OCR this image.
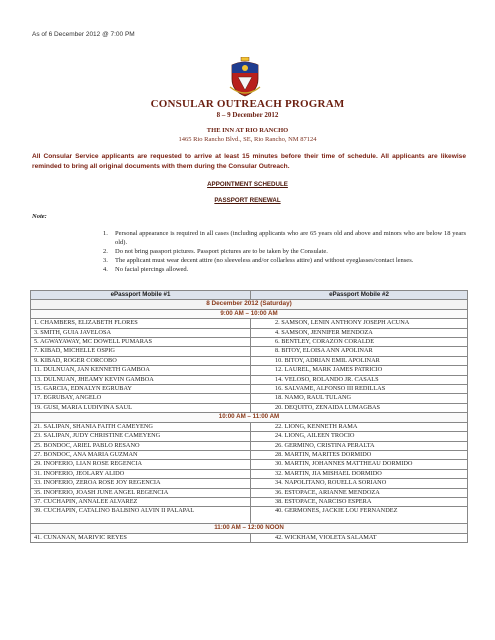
As of 6 December 2012 @ 7:00 PM
CONSULAR OUTREACH PROGRAM
8 – 9 December 2012
THE INN AT RIO RANCHO
1465 Rio Rancho Blvd., SE, Rio Rancho, NM 87124
All Consular Service applicants are requested to arrive at least 15 minutes before their time of schedule. All applicants are likewise reminded to bring all original documents with them during the Consular Outreach.
APPOINTMENT SCHEDULE
PASSPORT RENEWAL
Note:
1.	Personal appearance is required in all cases (including applicants who are 65 years old and above and minors who are below 18 years old).
2.	Do not bring passport pictures. Passport pictures are to be taken by the Consulate.
3.	The applicant must wear decent attire (no sleeveless and/or collarless attire) and without eyeglasses/contact lenses.
4.	No facial piercings allowed.
ePassport Mobile #1	ePassport Mobile #2
8 December 2012 (Saturday)	
9:00 AM – 10:00 AM	
1. CHAMBERS, ELIZABETH FLORES	2. SAMSON, LENIN ANTHONY JOSEPH ACUNA
3. SMITH, GUIA JAVELOSA	4. SAMSON, JENNIFER MENDOZA
5. AGWAYAWAY, MC DOWELL PUMARAS	6. BENTLEY, CORAZON CORALDE
7. KIBAD, MICHELLE OSPIG	8. BITOY, ELOISA ANN APOLINAR
9. KIBAD, ROGER CORCOBO	10. BITOY, ADRIAN EMIL APOLINAR
11. DULNUAN, JAN KENNETH GAMBOA	12. LAUREL, MARK JAMES PATRICIO
13. DULNUAN, JHEAMY KEVIN GAMBOA	14. VELOSO, ROLANDO JR. CASALS
15. GARCIA, EDNALYN EGRUBAY	16. SALVAME, ALFONSO III REDILLAS
17. EGRUBAY, ANGELO	18. NAMO, RAUL TULANG
19. GUSI, MARIA LUDIVINA SAUL	20. DEQUITO, ZENAIDA LUMAGBAS
10:00 AM – 11:00 AM	
21. SALIPAN, SHANIA FAITH CAMEYENG	22. LIONG, KENNETH RAMA
23. SALIPAN, JUDY CHRISTINE CAMEYENG	24. LIONG, AILEEN TROCIO
25. BONDOC, ARIEL PABLO RESANO	26. GERMINO, CRISTINA PERALTA
27. BONDOC, ANA MARIA GUZMAN	28. MARTIN, MARITES DORMIDO
29. INOFERIO, LIAN ROSE REGENCIA	30. MARTIN, JOHANNES MATTHEAU DORMIDO
31. INOFERIO, JEOLARY ALIDO	32. MARTIN, JIA MISHAEL DORMIDO
33. INOFERIO, ZEROA ROSE JOY REGENCIA	34. NAPOLITANO, ROUELLA SORIANO
35. INOFERIO, JOASH JUNE ANGEL REGENCIA	36. ESTOPACE, ARIANNE MENDOZA
37. CUCHAPIN, ANNALEE ALVAREZ	38. ESTOPACE, NARCISO ESPERA
39. CUCHAPIN, CATALINO BALBINO ALVIN II PALAPAL	40. GERMONES, JACKIE LOU FERNANDEZ
11:00 AM – 12:00 NOON	
41. CUNANAN, MARIVIC REYES	42. WICKHAM, VIOLETA SALAMAT
